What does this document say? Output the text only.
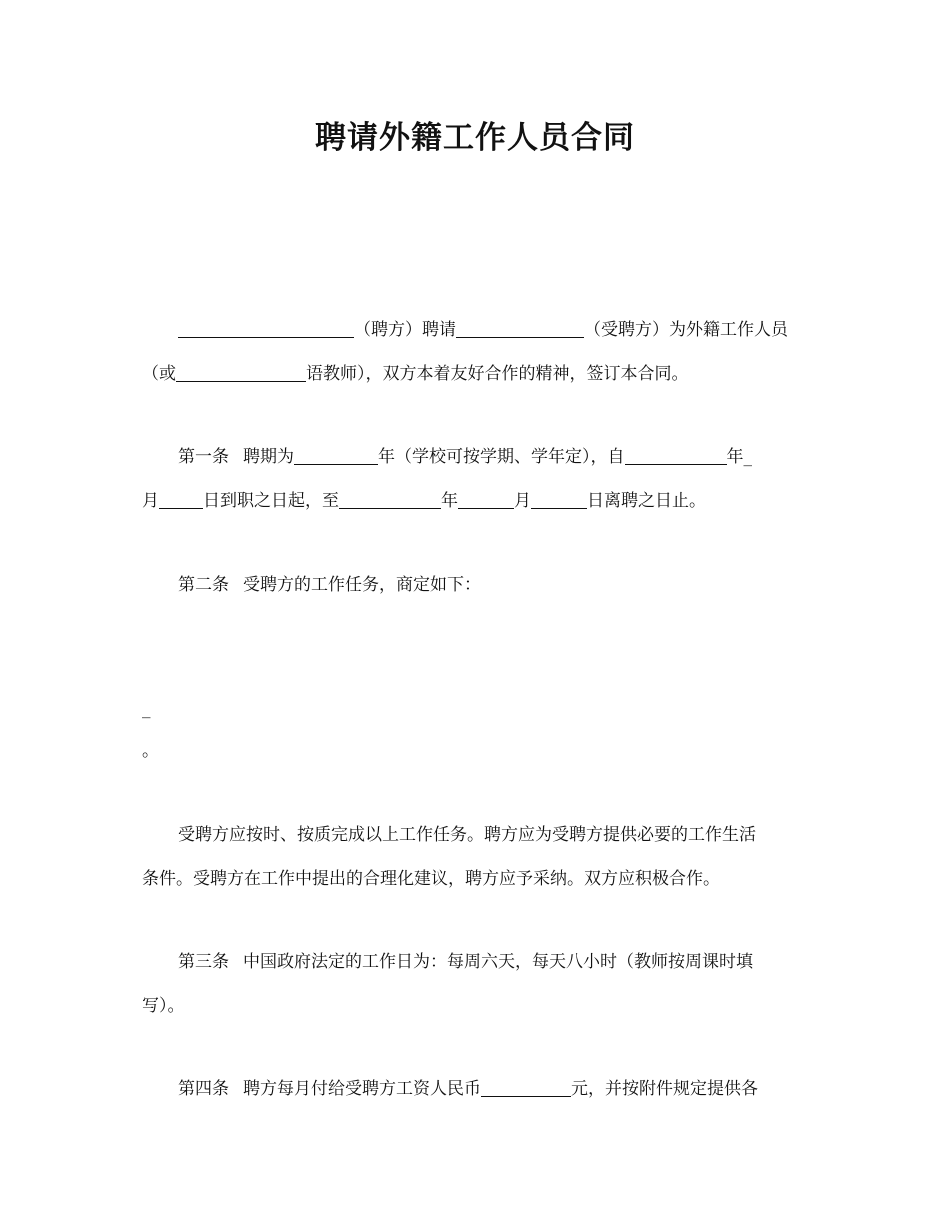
聘请外籍工作人员合同
（聘方）聘请	（受聘方）为外籍工作人员
（或	语教师），双方本着友好合作的精神，签订本合同。
第一条 聘期为	年（学校可按学期、学年定），自	年_
月	日到职之日起，至	年	月	日离聘之日止。
第二条 受聘方的工作任务，商定如下：
_
。
受聘方应按时、按质完成以上工作任务。聘方应为受聘方提供必要的工作生活
条件。受聘方在工作中提出的合理化建议，聘方应予采纳。双方应积极合作。
第三条 中国政府法定的工作日为：每周六天，每天八小时（教师按周课时填
写）。
第四条 聘方每月付给受聘方工资人民币	元，并按附件规定提供各
